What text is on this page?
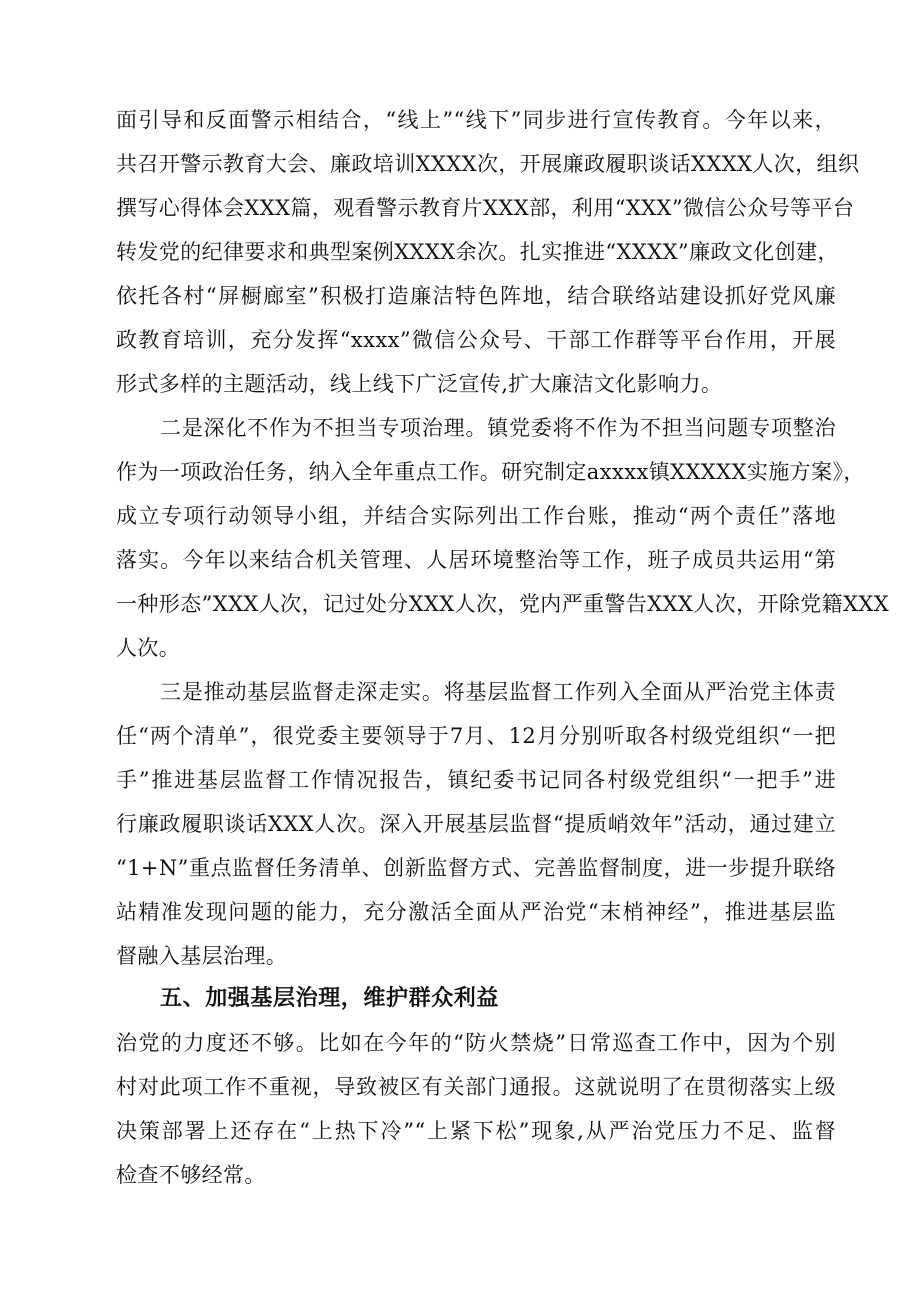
面引导和反面警示相结合，“线上”“线下”同步进行宣传教育。今年以来，

共召开警示教育大会、廉政培训XXXX次，开展廉政履职谈话XXXX人次，组织

撰写心得体会XXX篇，观看警示教育片XXX部，利用“XXX”微信公众号等平台

转发党的纪律要求和典型案例XXXX余次。扎实推进“XXXX”廉政文化创建，

依托各村“屏橱廊室”积极打造廉洁特色阵地，结合联络站建设抓好党风廉

政教育培训，充分发挥“xxxx”微信公众号、干部工作群等平台作用，开展

形式多样的主题活动，线上线下广泛宣传,扩大廉洁文化影响力。

二是深化不作为不担当专项治理。镇党委将不作为不担当问题专项整治

作为一项政治任务，纳入全年重点工作。研究制定axxxx镇XXXXX实施方案》，

成立专项行动领导小组，并结合实际列出工作台账，推动“两个责任”落地

落实。今年以来结合机关管理、人居环境整治等工作，班子成员共运用“第

一种形态”XXX人次，记过处分XXX人次，党内严重警告XXX人次，开除党籍XXX

人次。

三是推动基层监督走深走实。将基层监督工作列入全面从严治党主体责

任“两个清单”，很党委主要领导于7月、12月分别听取各村级党组织“一把

手”推进基层监督工作情况报告，镇纪委书记同各村级党组织“一把手”进

行廉政履职谈话XXX人次。深入开展基层监督“提质峭效年”活动，通过建立

“1+N”重点监督任务清单、创新监督方式、完善监督制度，进一步提升联络

站精准发现问题的能力，充分激活全面从严治党“末梢神经”，推进基层监

督融入基层治理。

五、加强基层治理，维护群众利益

治党的力度还不够。比如在今年的“防火禁烧”日常巡查工作中，因为个别

村对此项工作不重视，导致被区有关部门通报。这就说明了在贯彻落实上级

决策部署上还存在“上热下冷”“上紧下松”现象,从严治党压力不足、监督

检查不够经常。
